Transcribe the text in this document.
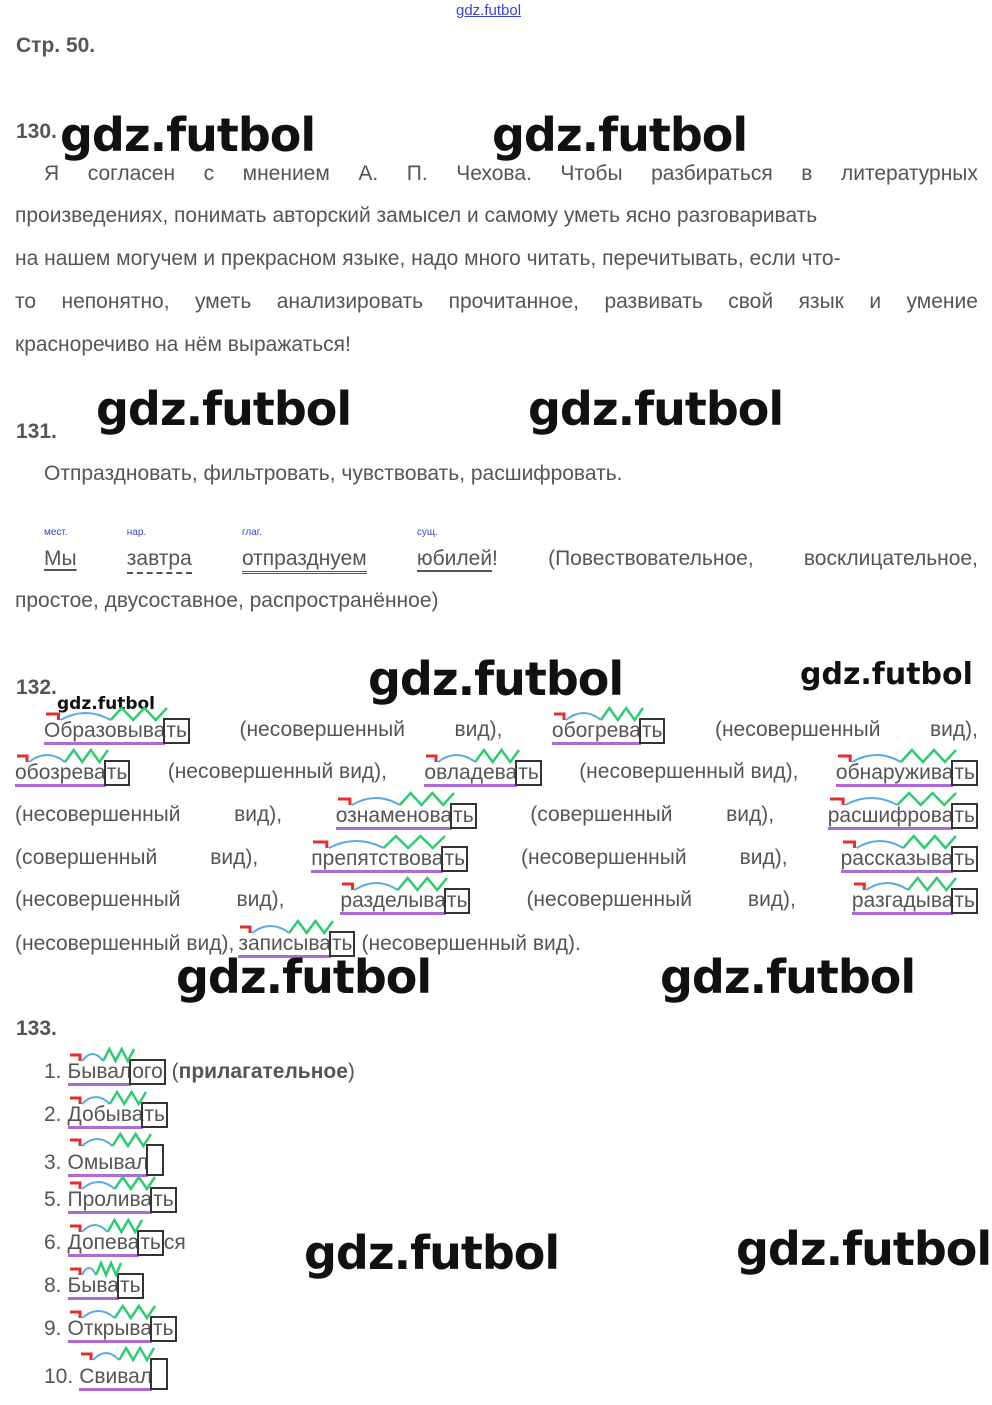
gdz.futbol
Стр. 50.
130. gdz.futbol	gdz.futbol
Я согласен с мнением А. П. Чехова. Чтобы разбираться в литературных
произведениях, понимать авторский замысел и самому уметь ясно разговаривать
на нашем могучем и прекрасном языке, надо много читать, перечитывать, если что-
то непонятно, уметь анализировать прочитанное, развивать свой язык и умение
красноречиво на нём выражаться!
131. gdz.futbol	gdz.futbol
Отпраздновать, фильтровать, чувствовать, расшифровать.
мест.
Мы
нар.
завтра
глаг.
отпразднуем
сущ.
юбилей! (Повествовательное, восклицательное,
простое, двусоставное, распространённое)
132.
gdz.futbol	gdz.futbol	gdz.futbol
Образовывать (несовершенный вид), обогревать (несовершенный вид),
обозревать (несовершенный вид), овладевать (несовершенный вид), обнаруживать
(несовершенный	вид),	ознаменовать	(совершенный	вид),	расшифровать
(совершенный	вид),	препятствовать	(несовершенный	вид),	рассказывать
(несовершенный	вид),	разделывать	(несовершенный	вид),	разгадывать
(несовершенный вид), записывать (несовершенный вид).
gdz.futbol	gdz.futbol
133.
1. Бывалого
(прилагательное)
2. Добывать
3. Омывал
5. Проливать
6. Допевать ся
8. Бывать
9. Открывать
10. Свивал
gdz.futbol	gdz.futbol
